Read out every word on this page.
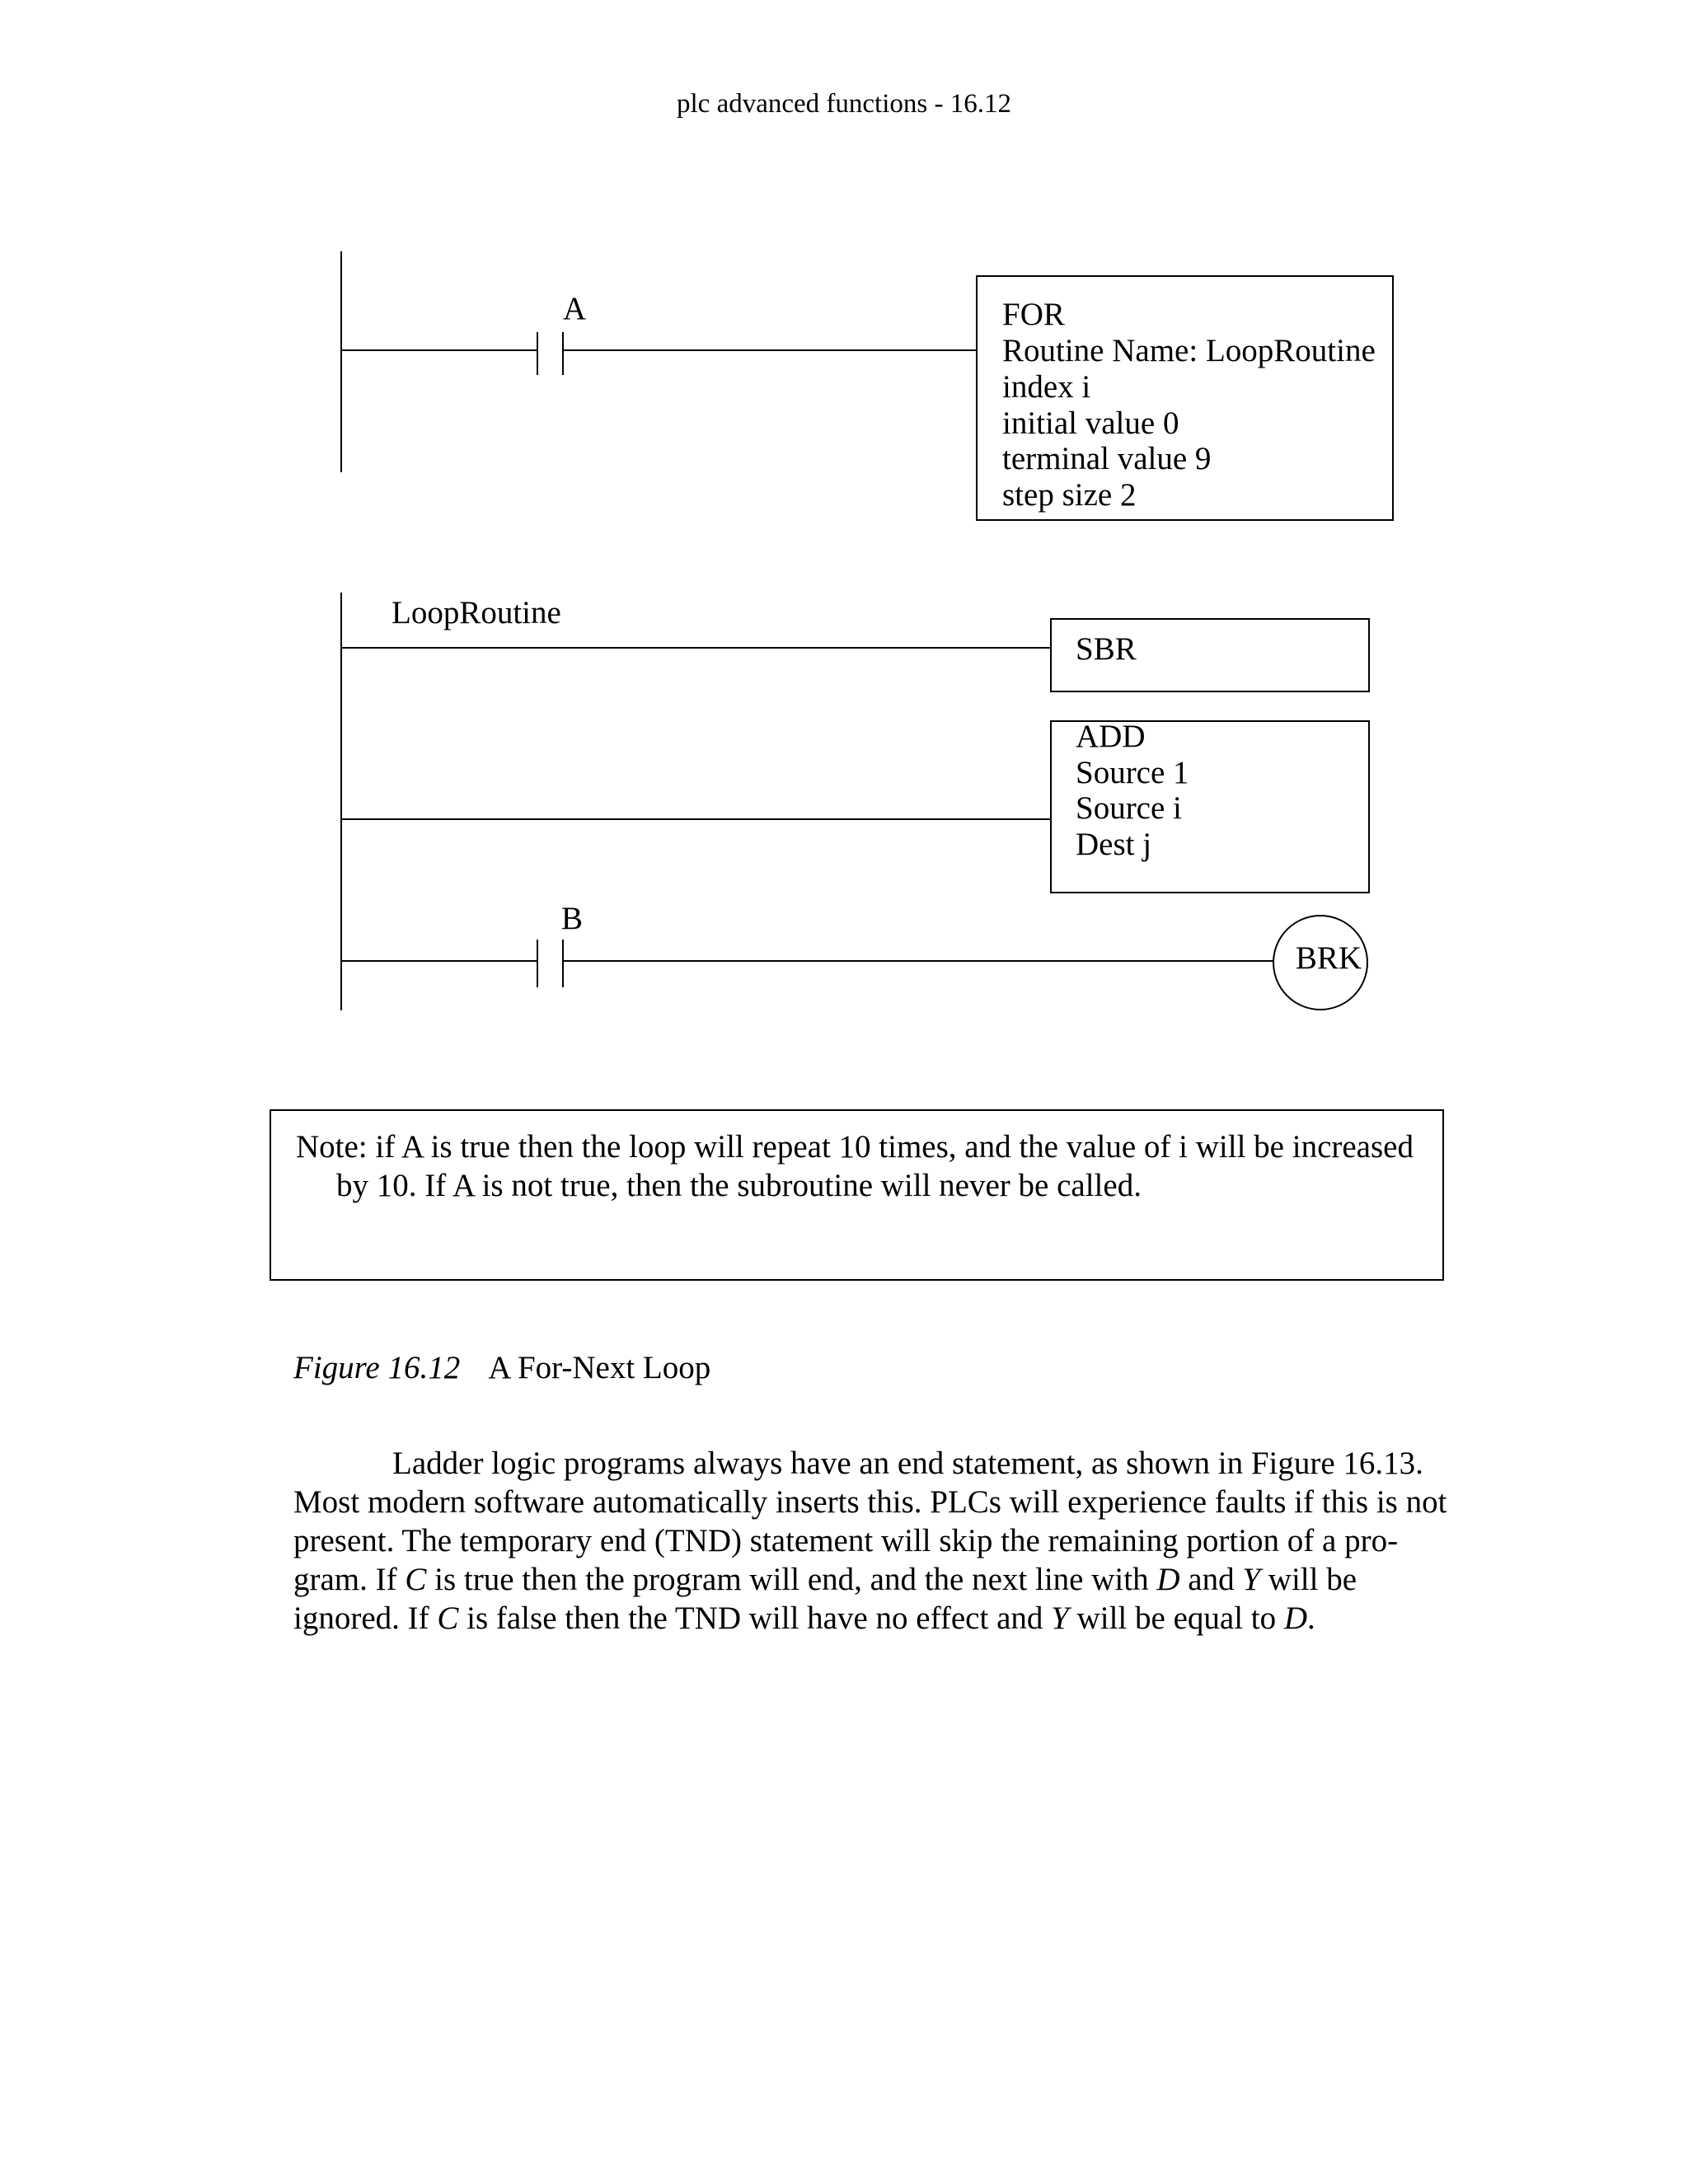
plc advanced functions - 16.12
A	FOR
Routine Name: LoopRoutine
index i
initial value 0
terminal value 9
step size 2
LoopRoutine
SBR
ADD
Source 1
Source i
Dest j
B
BRK
Note: if A is true then the loop will repeat 10 times, and the value of i will be increased by 10. If A is not true, then the subroutine will never be called.
Figure 16.12 A For-Next Loop
Ladder logic programs always have an end statement, as shown in Figure 16.13.
Most modern software automatically inserts this. PLCs will experience faults if this is not
present. The temporary end (TND) statement will skip the remaining portion of a pro-
gram. If C is true then the program will end, and the next line with D and Y will be
ignored. If C is false then the TND will have no effect and Y will be equal to D.
